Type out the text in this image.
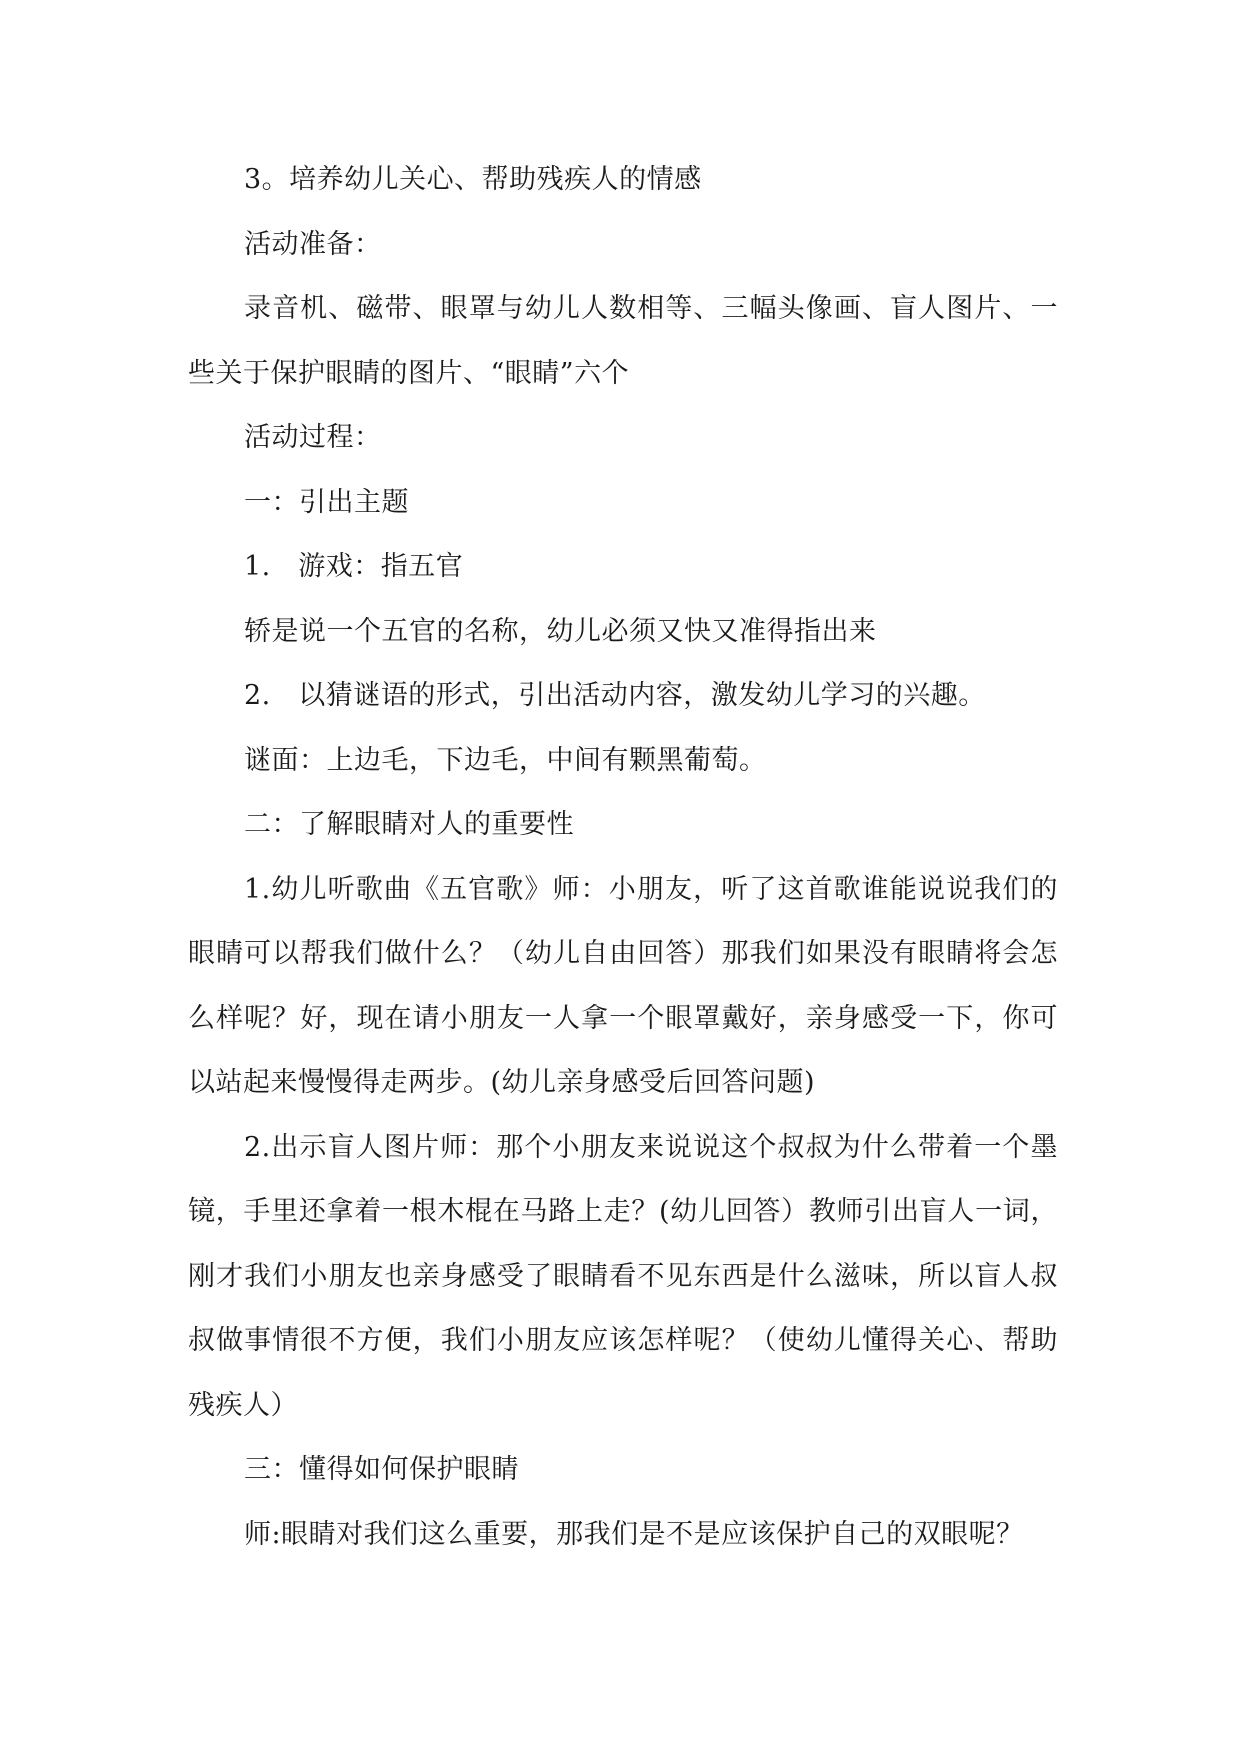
3。培养幼儿关心、帮助残疾人的情感

活动准备：

录音机、磁带、眼罩与幼儿人数相等、三幅头像画、盲人图片、一些关于保护眼睛的图片、“眼睛”六个

活动过程：

一：引出主题

1.　游戏：指五官

轿是说一个五官的名称，幼儿必须又快又准得指出来

2.　以猜谜语的形式，引出活动内容，激发幼儿学习的兴趣。

谜面：上边毛，下边毛，中间有颗黑葡萄。

二：了解眼睛对人的重要性

1.幼儿听歌曲《五官歌》师：小朋友，听了这首歌谁能说说我们的眼睛可以帮我们做什么？（幼儿自由回答）那我们如果没有眼睛将会怎么样呢？好，现在请小朋友一人拿一个眼罩戴好，亲身感受一下，你可以站起来慢慢得走两步。(幼儿亲身感受后回答问题)

2.出示盲人图片师：那个小朋友来说说这个叔叔为什么带着一个墨镜，手里还拿着一根木棍在马路上走？(幼儿回答）教师引出盲人一词，刚才我们小朋友也亲身感受了眼睛看不见东西是什么滋味，所以盲人叔叔做事情很不方便，我们小朋友应该怎样呢？（使幼儿懂得关心、帮助残疾人）

三：懂得如何保护眼睛

师:眼睛对我们这么重要，那我们是不是应该保护自己的双眼呢？
